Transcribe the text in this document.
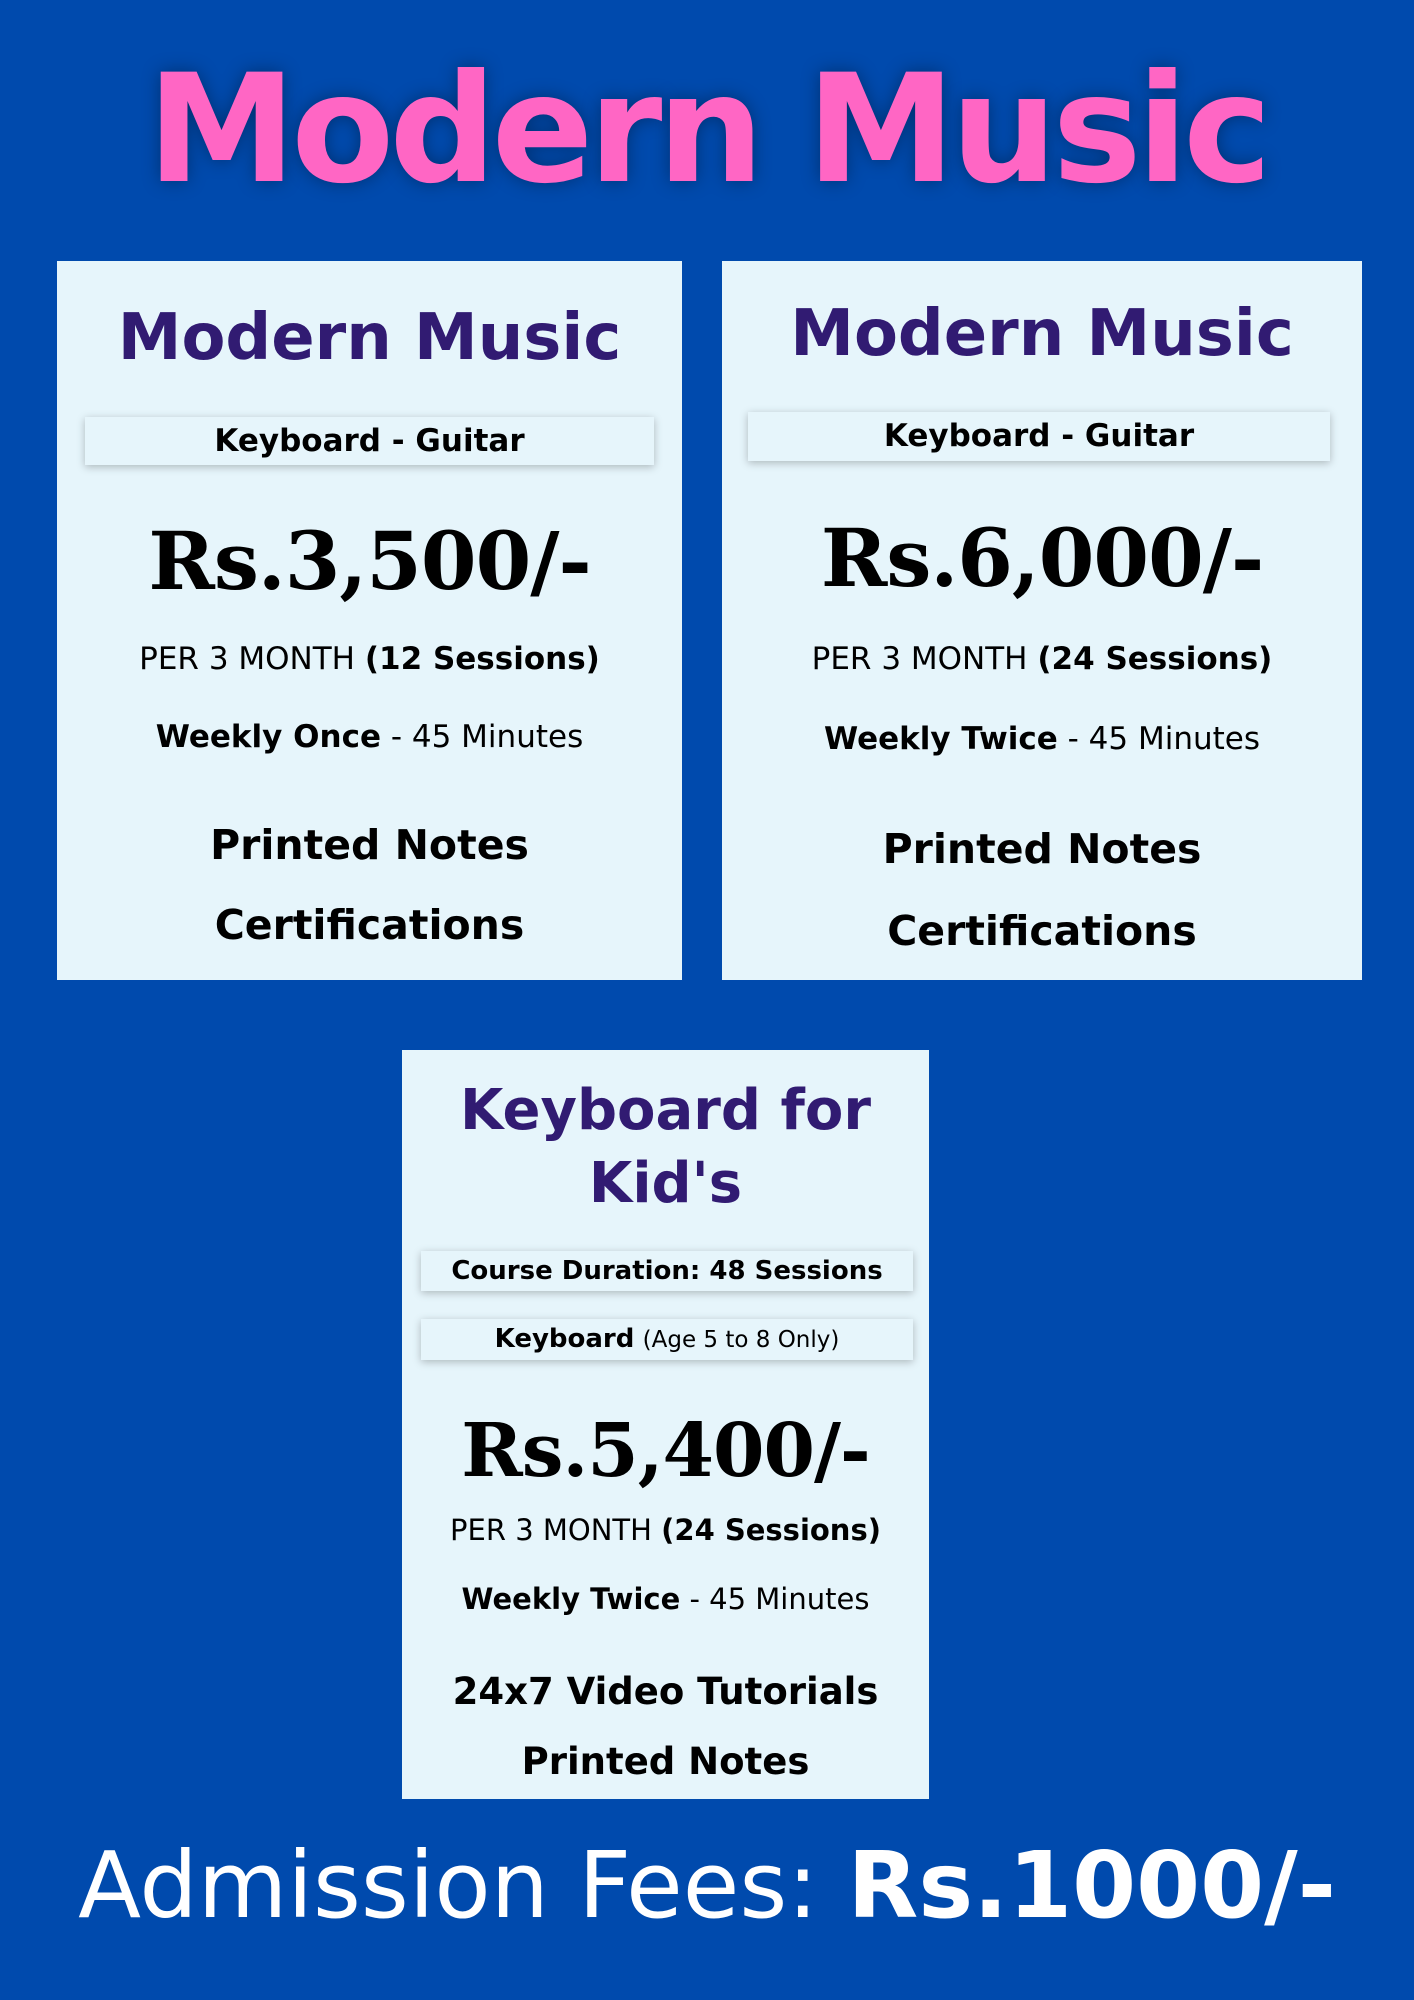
Modern Music
Modern Music
Keyboard - Guitar
Rs.3,500/-
PER 3 MONTH (12 Sessions)
Weekly Once - 45 Minutes
Printed Notes
Certifications
Modern Music
Keyboard - Guitar
Rs.6,000/-
PER 3 MONTH (24 Sessions)
Weekly Twice - 45 Minutes
Printed Notes
Certifications
Keyboard for Kid's
Course Duration: 48 Sessions
Keyboard (Age 5 to 8 Only)
Rs.5,400/-
PER 3 MONTH (24 Sessions)
Weekly Twice - 45 Minutes
24x7 Video Tutorials
Printed Notes
Admission Fees: Rs.1000/-
